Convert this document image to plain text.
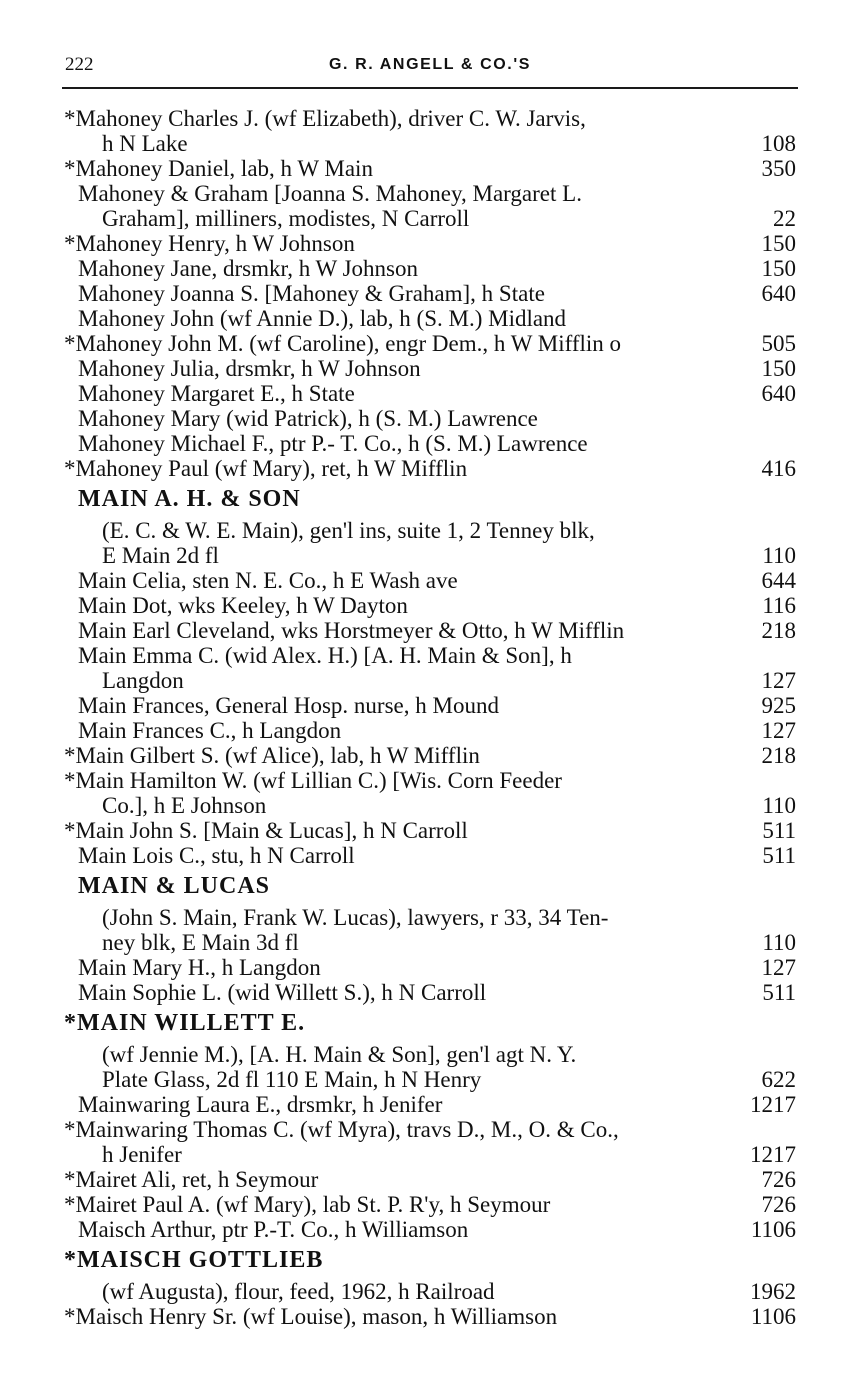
222	G. R. ANGELL & CO.'S
*Mahoney Charles J. (wf Elizabeth), driver C. W. Jarvis,
h N Lake	108
*Mahoney Daniel, lab, h W Main	350
Mahoney & Graham [Joanna S. Mahoney, Margaret L.
Graham], milliners, modistes, N Carroll	22
*Mahoney Henry, h W Johnson	150
Mahoney Jane, drsmkr, h W Johnson	150
Mahoney Joanna S. [Mahoney & Graham], h State	640
Mahoney John (wf Annie D.), lab, h (S. M.) Midland
*Mahoney John M. (wf Caroline), engr Dem., h W Mifflin o	505
Mahoney Julia, drsmkr, h W Johnson	150
Mahoney Margaret E., h State	640
Mahoney Mary (wid Patrick), h (S. M.) Lawrence
Mahoney Michael F., ptr P.- T. Co., h (S. M.) Lawrence
*Mahoney Paul (wf Mary), ret, h W Mifflin	416
MAIN A. H. & SON
(E. C. & W. E. Main), gen'l ins, suite 1, 2 Tenney blk,
E Main 2d fl	110
Main Celia, sten N. E. Co., h E Wash ave	644
Main Dot, wks Keeley, h W Dayton	116
Main Earl Cleveland, wks Horstmeyer & Otto, h W Mifflin	218
Main Emma C. (wid Alex. H.) [A. H. Main & Son], h
Langdon	127
Main Frances, General Hosp. nurse, h Mound	925
Main Frances C., h Langdon	127
*Main Gilbert S. (wf Alice), lab, h W Mifflin	218
*Main Hamilton W. (wf Lillian C.) [Wis. Corn Feeder
Co.], h E Johnson	110
*Main John S. [Main & Lucas], h N Carroll	511
Main Lois C., stu, h N Carroll	511
MAIN & LUCAS
(John S. Main, Frank W. Lucas), lawyers, r 33, 34 Ten-
ney blk, E Main 3d fl	110
Main Mary H., h Langdon	127
Main Sophie L. (wid Willett S.), h N Carroll	511
*MAIN WILLETT E.
(wf Jennie M.), [A. H. Main & Son], gen'l agt N. Y.
Plate Glass, 2d fl 110 E Main, h N Henry	622
Mainwaring Laura E., drsmkr, h Jenifer	1217
*Mainwaring Thomas C. (wf Myra), travs D., M., O. & Co.,
h Jenifer	1217
*Mairet Ali, ret, h Seymour	726
*Mairet Paul A. (wf Mary), lab St. P. R'y, h Seymour	726
Maisch Arthur, ptr P.-T. Co., h Williamson	1106
*MAISCH GOTTLIEB
(wf Augusta), flour, feed, 1962, h Railroad	1962
*Maisch Henry Sr. (wf Louise), mason, h Williamson	1106
